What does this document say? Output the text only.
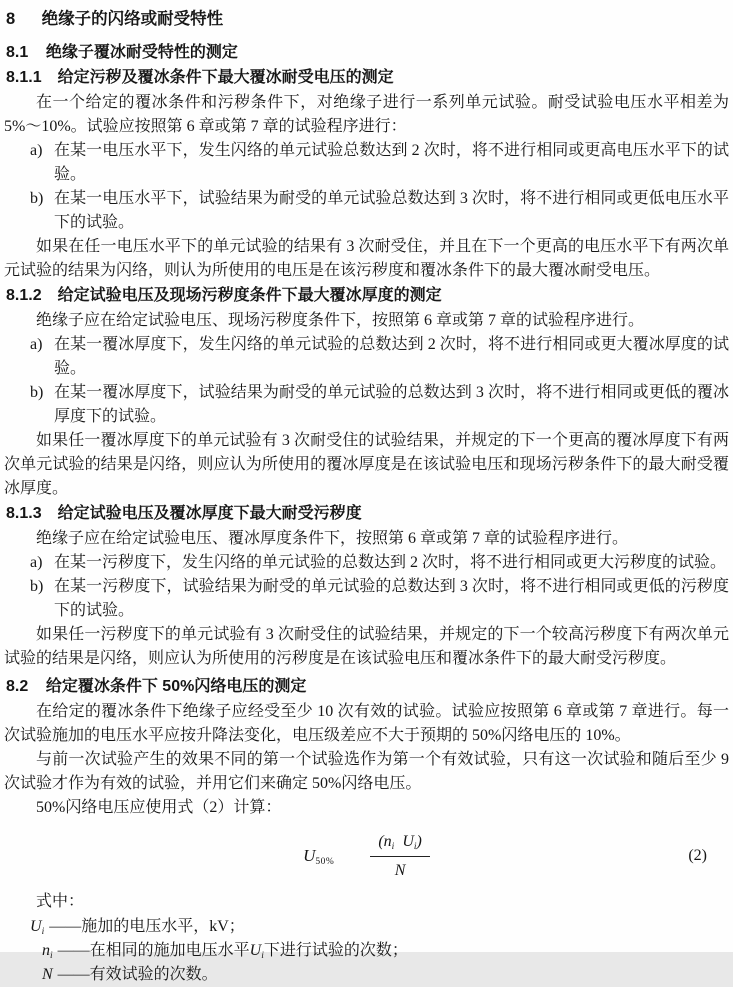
8 绝缘子的闪络或耐受特性
8.1 绝缘子覆冰耐受特性的测定
8.1.1 给定污秽及覆冰条件下最大覆冰耐受电压的测定

在一个给定的覆冰条件和污秽条件下，对绝缘子进行一系列单元试验。耐受试验电压水平相差为 5%～10%。试验应按照第 6 章或第 7 章的试验程序进行：

a) 在某一电压水平下，发生闪络的单元试验总数达到 2 次时，将不进行相同或更高电压水平下的试验。
b) 在某一电压水平下，试验结果为耐受的单元试验总数达到 3 次时，将不进行相同或更低电压水平下的试验。

如果在任一电压水平下的单元试验的结果有 3 次耐受住，并且在下一个更高的电压水平下有两次单元试验的结果为闪络，则认为所使用的电压是在该污秽度和覆冰条件下的最大覆冰耐受电压。

8.1.2 给定试验电压及现场污秽度条件下最大覆冰厚度的测定

绝缘子应在给定试验电压、现场污秽度条件下，按照第 6 章或第 7 章的试验程序进行。

a) 在某一覆冰厚度下，发生闪络的单元试验的总数达到 2 次时，将不进行相同或更大覆冰厚度的试验。
b) 在某一覆冰厚度下，试验结果为耐受的单元试验的总数达到 3 次时，将不进行相同或更低的覆冰厚度下的试验。

如果任一覆冰厚度下的单元试验有 3 次耐受住的试验结果，并规定的下一个更高的覆冰厚度下有两次单元试验的结果是闪络，则应认为所使用的覆冰厚度是在该试验电压和现场污秽条件下的最大耐受覆冰厚度。

8.1.3 给定试验电压及覆冰厚度下最大耐受污秽度

绝缘子应在给定试验电压、覆冰厚度条件下，按照第 6 章或第 7 章的试验程序进行。

a) 在某一污秽度下，发生闪络的单元试验的总数达到 2 次时，将不进行相同或更大污秽度的试验。
b) 在某一污秽度下，试验结果为耐受的单元试验的总数达到 3 次时，将不进行相同或更低的污秽度下的试验。

如果任一污秽度下的单元试验有 3 次耐受住的试验结果，并规定的下一个较高污秽度下有两次单元试验的结果是闪络，则应认为所使用的污秽度是在该试验电压和覆冰条件下的最大耐受污秽度。

8.2 给定覆冰条件下 50%闪络电压的测定

在给定的覆冰条件下绝缘子应经受至少 10 次有效的试验。试验应按照第 6 章或第 7 章进行。每一次试验施加的电压水平应按升降法变化，电压级差应不大于预期的 50%闪络电压的 10%。

与前一次试验产生的效果不同的第一个试验选作为第一个有效试验，只有这一次试验和随后至少 9 次试验才作为有效的试验，并用它们来确定 50%闪络电压。

50%闪络电压应使用式（2）计算：

$U_{50\%} \frac{(n_i U_i)}{N}$	(2)

式中：

$U_i$ ——施加的电压水平，kV；

$n_i$ ——在相同的施加电压水平$U_i$下进行试验的次数；

N ——有效试验的次数。
